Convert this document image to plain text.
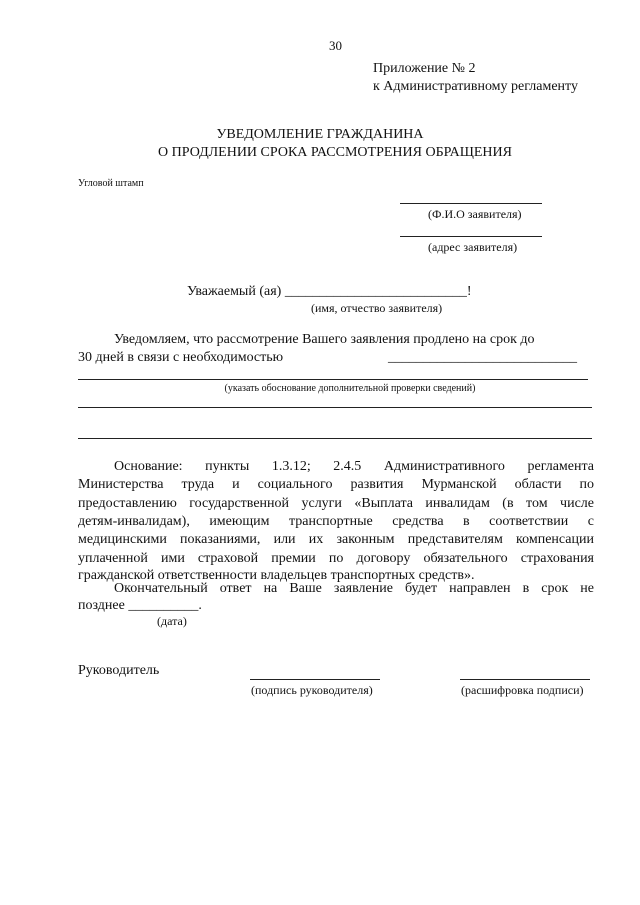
30
Приложение № 2
к Административному регламенту
УВЕДОМЛЕНИЕ ГРАЖДАНИНА
О ПРОДЛЕНИИ СРОКА РАССМОТРЕНИЯ ОБРАЩЕНИЯ
Угловой штамп
(Ф.И.О заявителя)
(адрес заявителя)
Уважаемый (ая) __________________________!
(имя, отчество заявителя)
Уведомляем, что рассмотрение Вашего заявления продлено на срок до
30 дней в связи с необходимостью	___________________________
(указать обоснование дополнительной проверки сведений)
Основание: пункты 1.3.12; 2.4.5 Административного регламента
Министерства труда и социального развития Мурманской области по
предоставлению государственной услуги «Выплата инвалидам (в том числе
детям-инвалидам), имеющим транспортные средства в соответствии с
медицинскими показаниями, или их законным представителям компенсации
уплаченной ими страховой премии по договору обязательного страхования
гражданской ответственности владельцев транспортных средств».
Окончательный ответ на Ваше заявление будет направлен в срок не
позднее __________.
(дата)
Руководитель
(подпись руководителя)	(расшифровка подписи)
